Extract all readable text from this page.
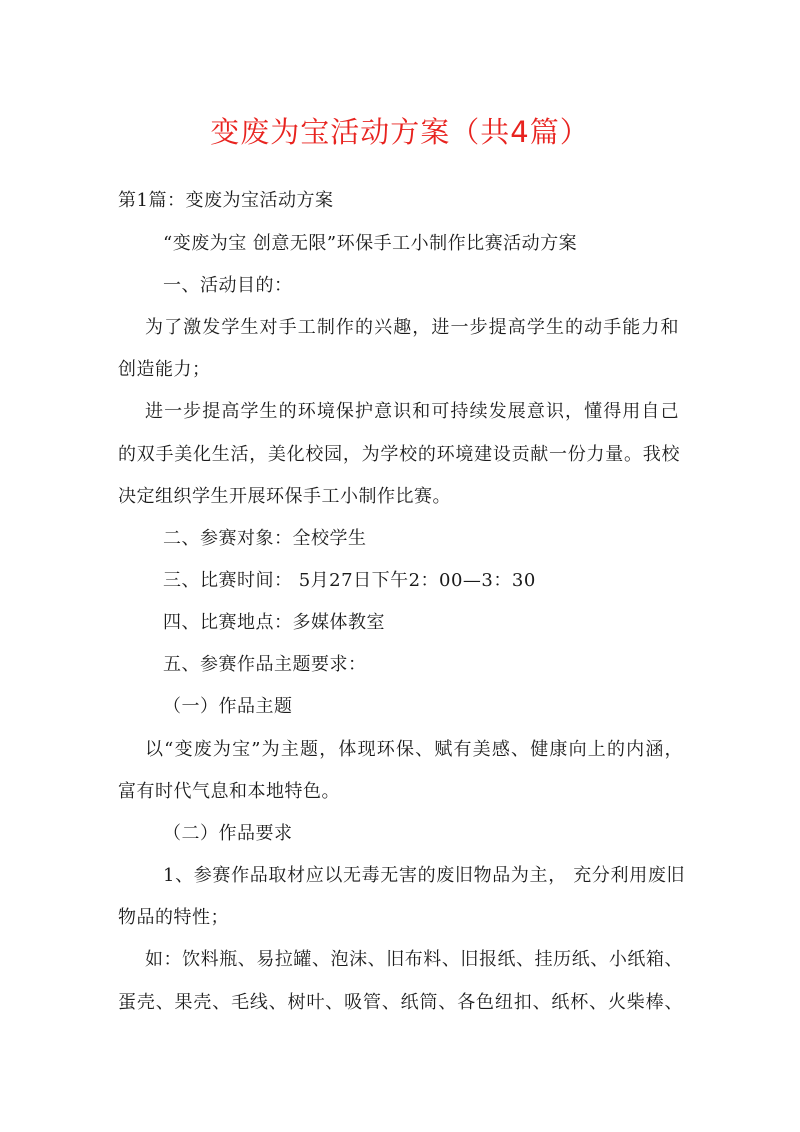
变废为宝活动方案（共4篇）
第1篇：变废为宝活动方案
“变废为宝 创意无限”环保手工小制作比赛活动方案
一、活动目的：
为了激发学生对手工制作的兴趣，进一步提高学生的动手能力和
创造能力；
进一步提高学生的环境保护意识和可持续发展意识，懂得用自己
的双手美化生活，美化校园，为学校的环境建设贡献一份力量。我校
决定组织学生开展环保手工小制作比赛。
二、参赛对象：全校学生
三、比赛时间： 5月27日下午2：00—3：30
四、比赛地点：多媒体教室
五、参赛作品主题要求：
（一）作品主题
以“变废为宝”为主题，体现环保、赋有美感、健康向上的内涵，
富有时代气息和本地特色。
（二）作品要求
1、参赛作品取材应以无毒无害的废旧物品为主， 充分利用废旧
物品的特性；
如：饮料瓶、易拉罐、泡沫、旧布料、旧报纸、挂历纸、小纸箱、
蛋壳、果壳、毛线、树叶、吸管、纸筒、各色纽扣、纸杯、火柴棒、
